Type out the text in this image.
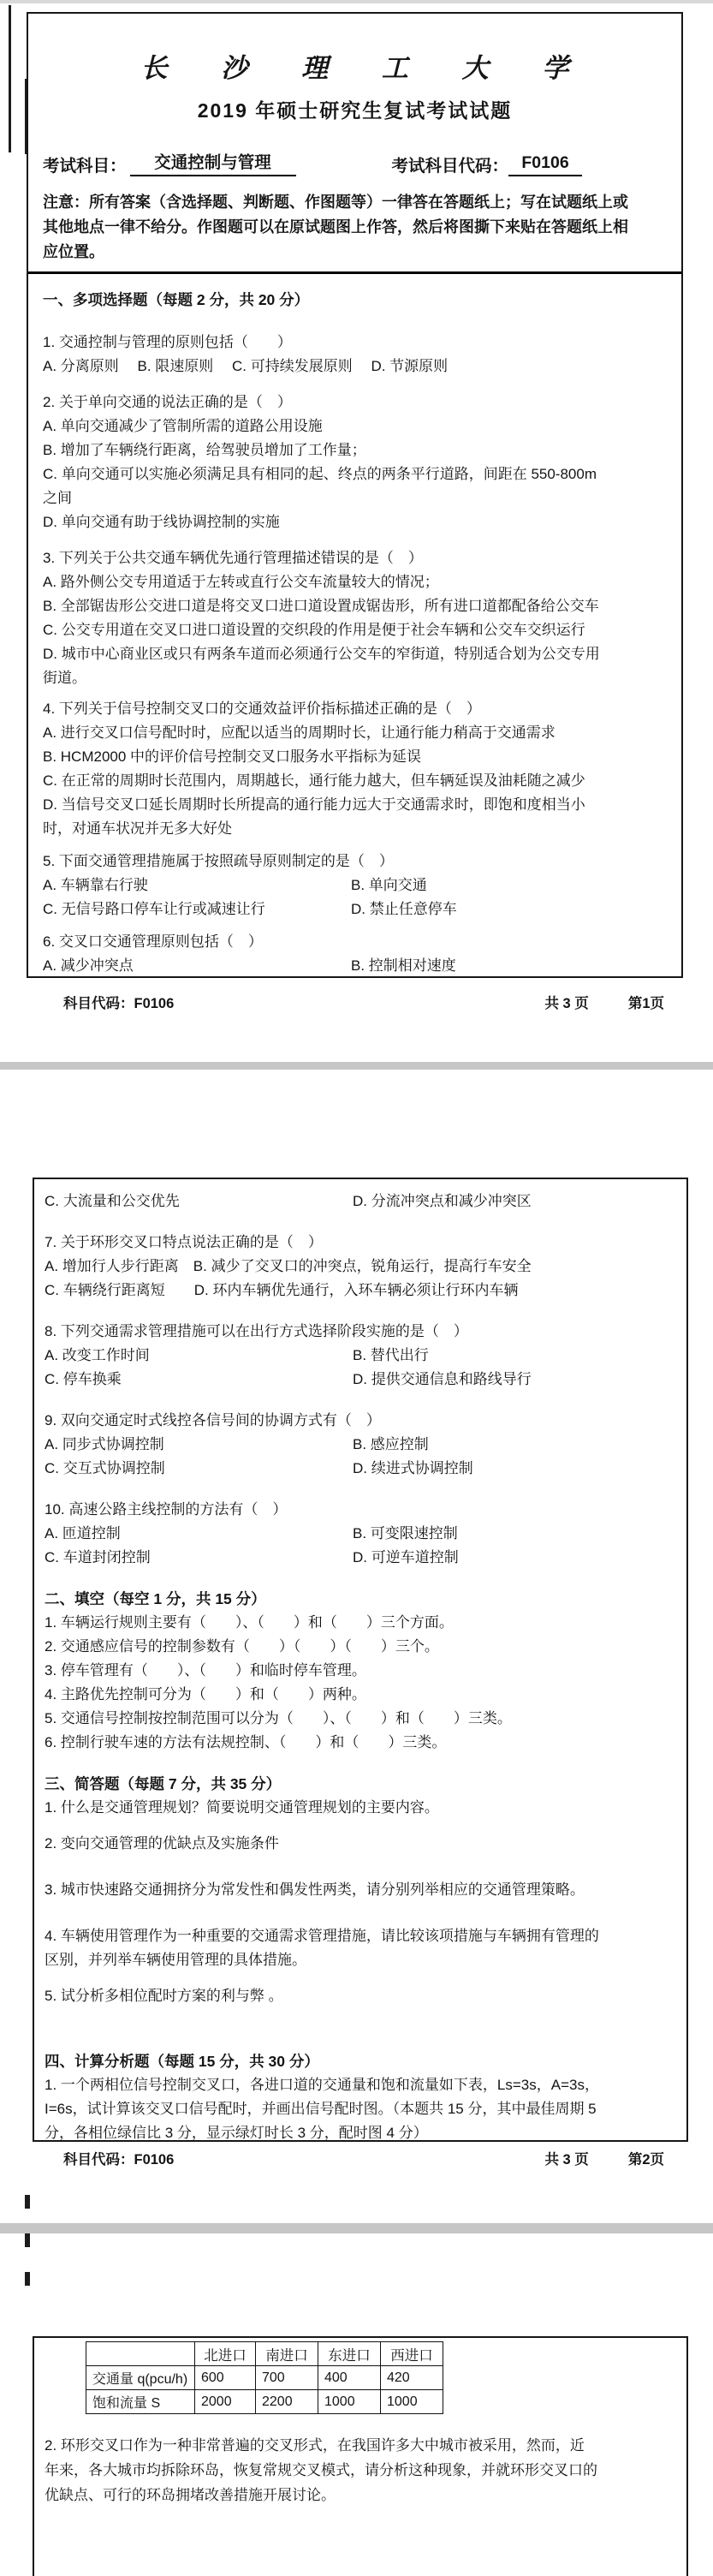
长 沙 理 工 大 学
2019 年硕士研究生复试考试试题
考试科目：	交通控制与管理	考试科目代码： F0106
注意：所有答案（含选择题、判断题、作图题等）一律答在答题纸上；写在试题纸上或
其他地点一律不给分。作图题可以在原试题图上作答，然后将图撕下来贴在答题纸上相
应位置。
一、多项选择题（每题 2 分，共 20 分）
1. 交通控制与管理的原则包括（　　）
A. 分离原则　 B. 限速原则　 C. 可持续发展原则　 D. 节源原则
2. 关于单向交通的说法正确的是（　）
A. 单向交通减少了管制所需的道路公用设施
B. 增加了车辆绕行距离，给驾驶员增加了工作量；
C. 单向交通可以实施必须满足具有相同的起、终点的两条平行道路，间距在 550-800m
之间
D. 单向交通有助于线协调控制的实施
3. 下列关于公共交通车辆优先通行管理描述错误的是（　）
A. 路外侧公交专用道适于左转或直行公交车流量较大的情况；
B. 全部锯齿形公交进口道是将交叉口进口道设置成锯齿形，所有进口道都配备给公交车
C. 公交专用道在交叉口进口道设置的交织段的作用是便于社会车辆和公交车交织运行
D. 城市中心商业区或只有两条车道而必须通行公交车的窄街道，特别适合划为公交专用
街道。
4. 下列关于信号控制交叉口的交通效益评价指标描述正确的是（　）
A. 进行交叉口信号配时时，应配以适当的周期时长，让通行能力稍高于交通需求
B. HCM2000 中的评价信号控制交叉口服务水平指标为延误
C. 在正常的周期时长范围内，周期越长，通行能力越大，但车辆延误及油耗随之减少
D. 当信号交叉口延长周期时长所提高的通行能力远大于交通需求时，即饱和度相当小
时，对通车状况并无多大好处
5. 下面交通管理措施属于按照疏导原则制定的是（　）
A. 车辆靠右行驶	B. 单向交通
C. 无信号路口停车让行或减速让行	D. 禁止任意停车
6. 交叉口交通管理原则包括（　）
A. 减少冲突点	B. 控制相对速度
科目代码：F0106	共 3 页	第1页
C. 大流量和公交优先	D. 分流冲突点和减少冲突区
7. 关于环形交叉口特点说法正确的是（　）
A. 增加行人步行距离　B. 减少了交叉口的冲突点，锐角运行，提高行车安全
C. 车辆绕行距离短　　D. 环内车辆优先通行，入环车辆必须让行环内车辆
8. 下列交通需求管理措施可以在出行方式选择阶段实施的是（　）
A. 改变工作时间	B. 替代出行
C. 停车换乘	D. 提供交通信息和路线导行
9. 双向交通定时式线控各信号间的协调方式有（　）
A. 同步式协调控制	B. 感应控制
C. 交互式协调控制	D. 续进式协调控制
10. 高速公路主线控制的方法有（　）
A. 匝道控制	B. 可变限速控制
C. 车道封闭控制	D. 可逆车道控制
二、填空（每空 1 分，共 15 分）
1. 车辆运行规则主要有（　　）、（　　）和（　　）三个方面。
2. 交通感应信号的控制参数有（　　）（　　）（　　）三个。
3. 停车管理有（　　）、（　　）和临时停车管理。
4. 主路优先控制可分为（　　）和（　　）两种。
5. 交通信号控制按控制范围可以分为（　　）、（　　）和（　　）三类。
6. 控制行驶车速的方法有法规控制、（　　）和（　　）三类。
三、简答题（每题 7 分，共 35 分）
1. 什么是交通管理规划？简要说明交通管理规划的主要内容。
2. 变向交通管理的优缺点及实施条件
3. 城市快速路交通拥挤分为常发性和偶发性两类，请分别列举相应的交通管理策略。
4. 车辆使用管理作为一种重要的交通需求管理措施，请比较该项措施与车辆拥有管理的
区别，并列举车辆使用管理的具体措施。
5. 试分析多相位配时方案的利与弊 。
四、计算分析题（每题 15 分，共 30 分）
1. 一个两相位信号控制交叉口，各进口道的交通量和饱和流量如下表，Ls=3s，A=3s，
I=6s，试计算该交叉口信号配时，并画出信号配时图。（本题共 15 分，其中最佳周期 5
分，各相位绿信比 3 分，显示绿灯时长 3 分，配时图 4 分）
科目代码：F0106	共 3 页	第2页
	北进口	南进口	东进口	西进口
交通量 q(pcu/h)	600	700	400	420
饱和流量 S	2000	2200	1000	1000
2. 环形交叉口作为一种非常普遍的交叉形式，在我国许多大中城市被采用，然而，近
年来，各大城市均拆除环岛，恢复常规交叉模式，请分析这种现象，并就环形交叉口的
优缺点、可行的环岛拥堵改善措施开展讨论。
